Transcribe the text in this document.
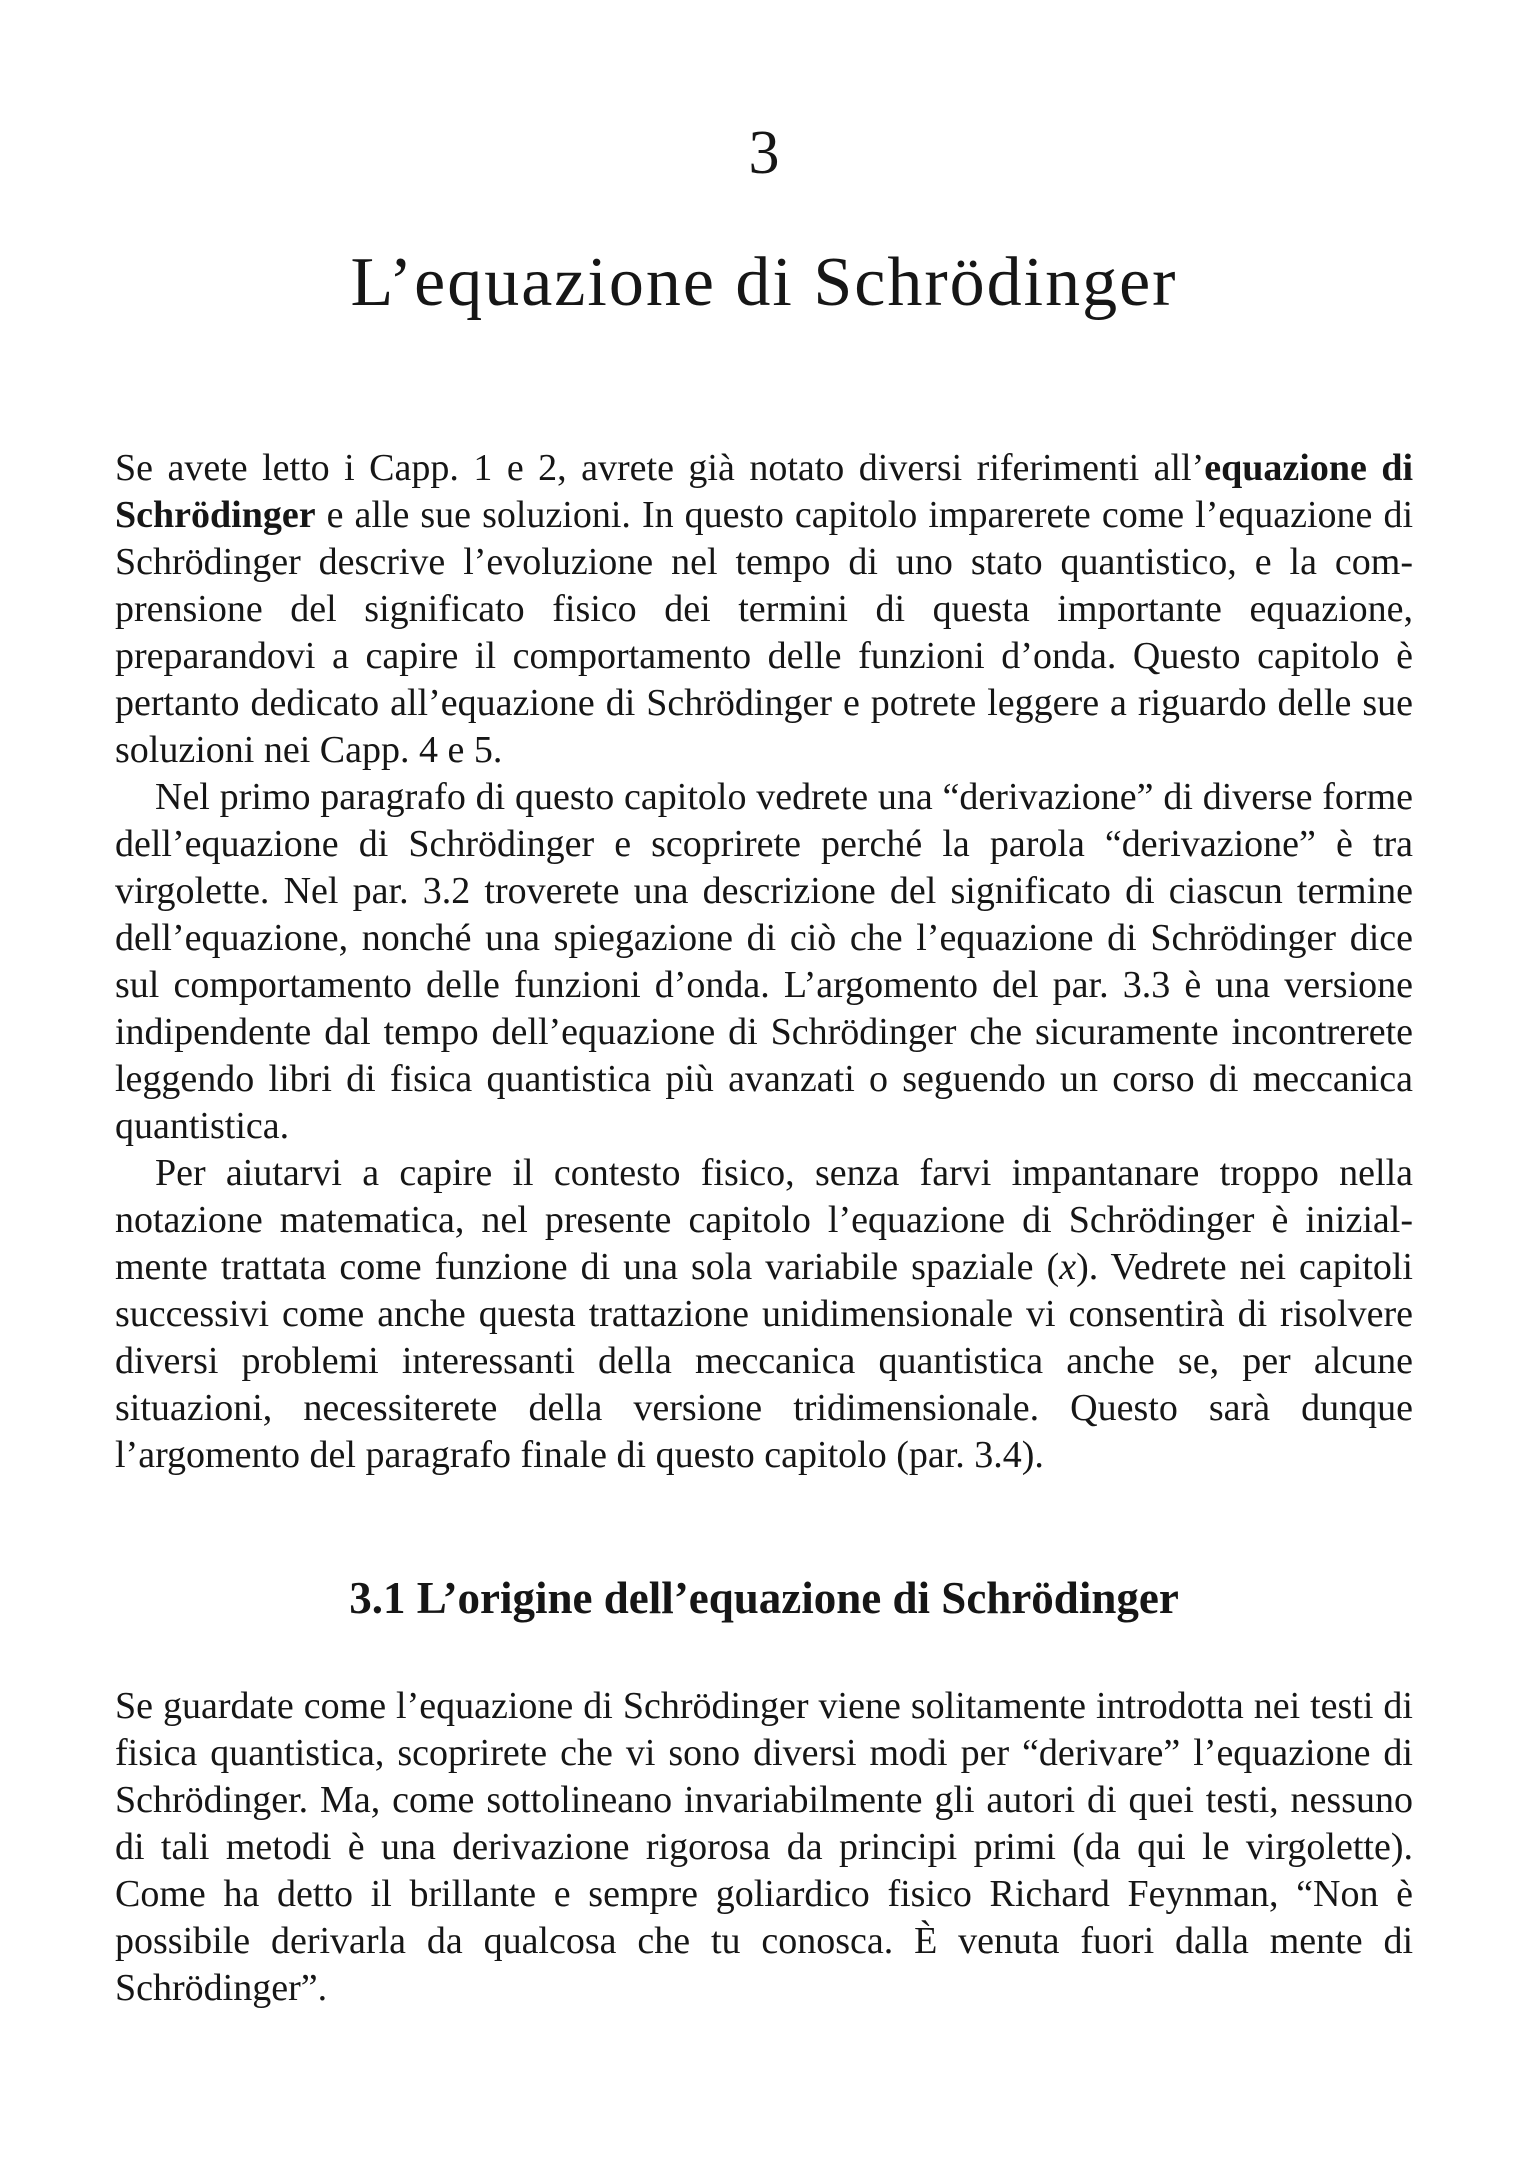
3
L’equazione di Schrödinger

Se avete letto i Capp. 1 e 2, avrete già notato diversi riferimenti all’equazione di Schrödinger e alle sue soluzioni. In questo capitolo imparerete come l’equazione di Schrödinger descrive l’evoluzione nel tempo di uno stato quantistico, e la comprensione del significato fisico dei termini di questa importante equazione, preparandovi a capire il comportamento delle funzioni d’onda. Questo capitolo è pertanto dedicato all’equazione di Schrödinger e potrete leggere a riguardo delle sue soluzioni nei Capp. 4 e 5.

Nel primo paragrafo di questo capitolo vedrete una “derivazione” di diverse forme dell’equazione di Schrödinger e scoprirete perché la parola “derivazione” è tra virgolette. Nel par. 3.2 troverete una descrizione del significato di ciascun termine dell’equazione, nonché una spiegazione di ciò che l’equazione di Schrödinger dice sul comportamento delle funzioni d’onda. L’argomento del par. 3.3 è una versione indipendente dal tempo dell’equazione di Schrödinger che sicuramente incontrerete leggendo libri di fisica quantistica più avanzati o seguendo un corso di meccanica quantistica.

Per aiutarvi a capire il contesto fisico, senza farvi impantanare troppo nella notazione matematica, nel presente capitolo l’equazione di Schrödinger è inizialmente trattata come funzione di una sola variabile spaziale (x). Vedrete nei capitoli successivi come anche questa trattazione unidimensionale vi consentirà di risolvere diversi problemi interessanti della meccanica quantistica anche se, per alcune situazioni, necessiterete della versione tridimensionale. Questo sarà dunque l’argomento del paragrafo finale di questo capitolo (par. 3.4).

3.1 L’origine dell’equazione di Schrödinger

Se guardate come l’equazione di Schrödinger viene solitamente introdotta nei testi di fisica quantistica, scoprirete che vi sono diversi modi per “derivare” l’equazione di Schrödinger. Ma, come sottolineano invariabilmente gli autori di quei testi, nessuno di tali metodi è una derivazione rigorosa da principi primi (da qui le virgolette). Come ha detto il brillante e sempre goliardico fisico Richard Feynman, “Non è possibile derivarla da qualcosa che tu conosca. È venuta fuori dalla mente di Schrödinger”.
